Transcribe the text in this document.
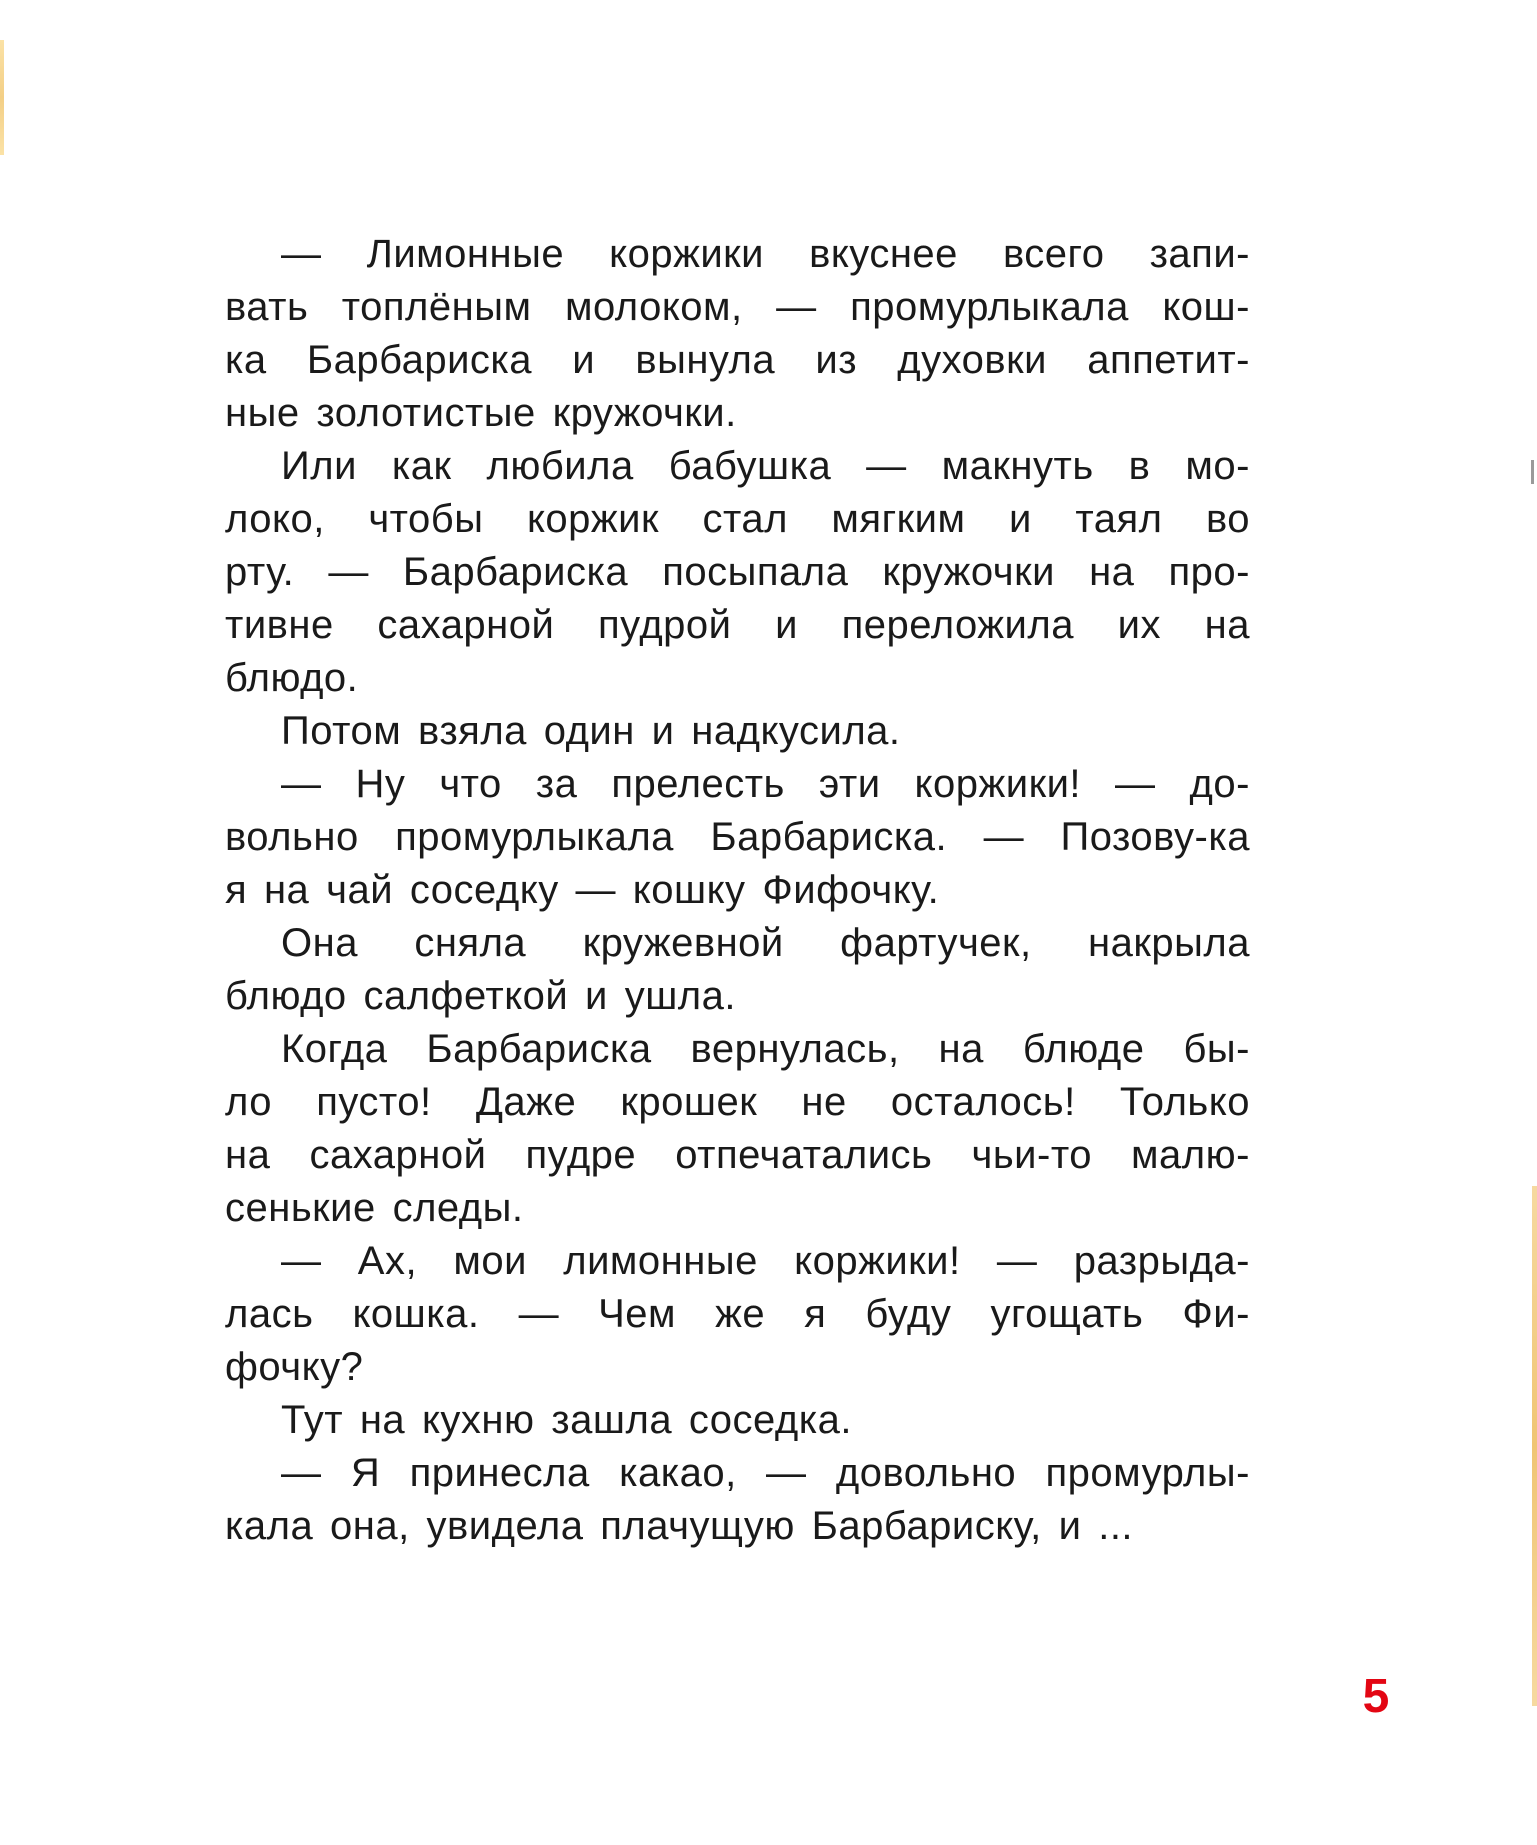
— Лимонные коржики вкуснее всего запи-
вать топлёным молоком, — промурлыкала кош-
ка Барбариска и вынула из духовки аппетит-
ные золотистые кружочки.
Или как любила бабушка — макнуть в мо-
локо, чтобы коржик стал мягким и таял во
рту. — Барбариска посыпала кружочки на про-
тивне сахарной пудрой и переложила их на
блюдо.
Потом взяла один и надкусила.
— Ну что за прелесть эти коржики! — до-
вольно промурлыкала Барбариска. — Позову-ка
я на чай соседку — кошку Фифочку.
Она сняла кружевной фартучек, накрыла
блюдо салфеткой и ушла.
Когда Барбариска вернулась, на блюде бы-
ло пусто! Даже крошек не осталось! Только
на сахарной пудре отпечатались чьи-то малю-
сенькие следы.
— Ах, мои лимонные коржики! — разрыда-
лась кошка. — Чем же я буду угощать Фи-
фочку?
Тут на кухню зашла соседка.
— Я принесла какао, — довольно промурлы-
кала она, увидела плачущую Барбариску, и ...
5
